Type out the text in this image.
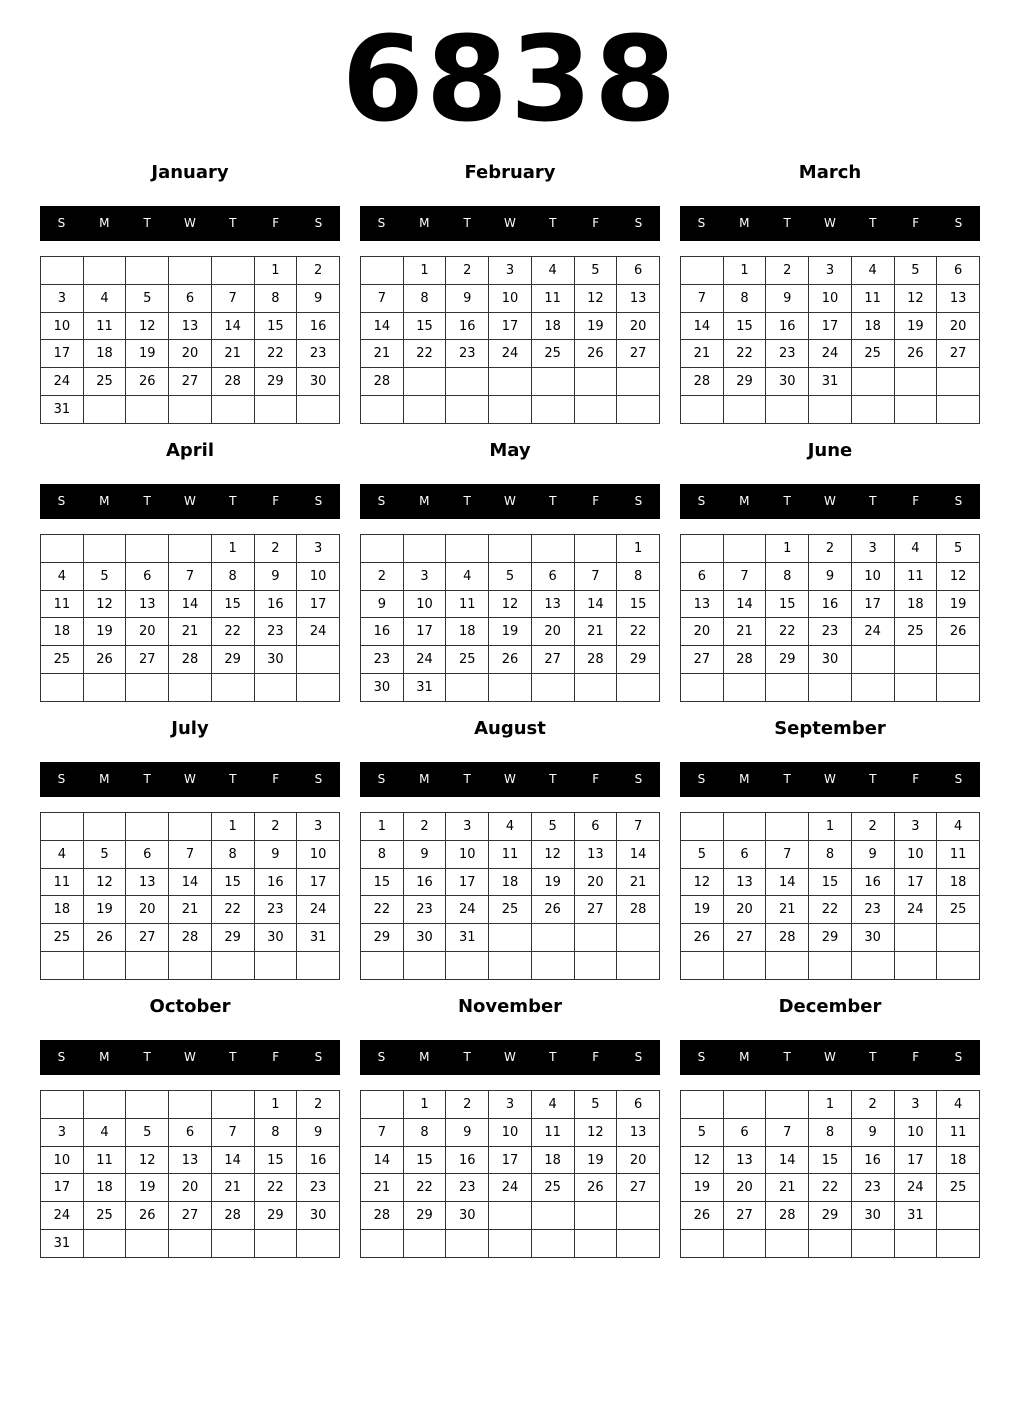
6838
January
S	M	T	W	T	F	S
					1	2
3	4	5	6	7	8	9
10	11	12	13	14	15	16
17	18	19	20	21	22	23
24	25	26	27	28	29	30
31						
February
S	M	T	W	T	F	S
	1	2	3	4	5	6
7	8	9	10	11	12	13
14	15	16	17	18	19	20
21	22	23	24	25	26	27
28						

March
S	M	T	W	T	F	S
	1	2	3	4	5	6
7	8	9	10	11	12	13
14	15	16	17	18	19	20
21	22	23	24	25	26	27
28	29	30	31			

April
S	M	T	W	T	F	S
				1	2	3
4	5	6	7	8	9	10
11	12	13	14	15	16	17
18	19	20	21	22	23	24
25	26	27	28	29	30	

May
S	M	T	W	T	F	S
						1
2	3	4	5	6	7	8
9	10	11	12	13	14	15
16	17	18	19	20	21	22
23	24	25	26	27	28	29
30	31					
June
S	M	T	W	T	F	S
		1	2	3	4	5
6	7	8	9	10	11	12
13	14	15	16	17	18	19
20	21	22	23	24	25	26
27	28	29	30			

July
S	M	T	W	T	F	S
				1	2	3
4	5	6	7	8	9	10
11	12	13	14	15	16	17
18	19	20	21	22	23	24
25	26	27	28	29	30	31

August
S	M	T	W	T	F	S
1	2	3	4	5	6	7
8	9	10	11	12	13	14
15	16	17	18	19	20	21
22	23	24	25	26	27	28
29	30	31				

September
S	M	T	W	T	F	S
			1	2	3	4
5	6	7	8	9	10	11
12	13	14	15	16	17	18
19	20	21	22	23	24	25
26	27	28	29	30		

October
S	M	T	W	T	F	S
					1	2
3	4	5	6	7	8	9
10	11	12	13	14	15	16
17	18	19	20	21	22	23
24	25	26	27	28	29	30
31						
November
S	M	T	W	T	F	S
	1	2	3	4	5	6
7	8	9	10	11	12	13
14	15	16	17	18	19	20
21	22	23	24	25	26	27
28	29	30				

December
S	M	T	W	T	F	S
			1	2	3	4
5	6	7	8	9	10	11
12	13	14	15	16	17	18
19	20	21	22	23	24	25
26	27	28	29	30	31	
